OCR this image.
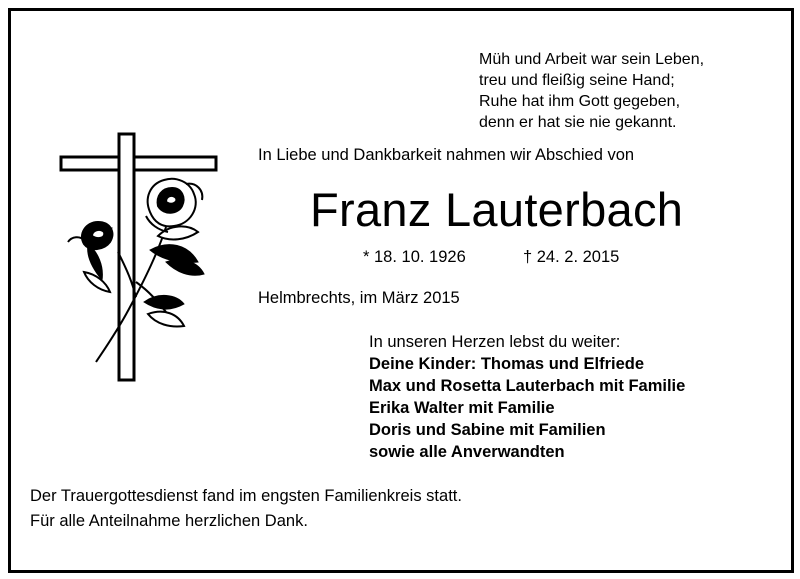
Müh und Arbeit war sein Leben,
treu und fleißig seine Hand;
Ruhe hat ihm Gott gegeben,
denn er hat sie nie gekannt.
In Liebe und Dankbarkeit nahmen wir Abschied von
Franz Lauterbach
* 18. 10. 1926	† 24. 2. 2015
Helmbrechts, im März 2015
In unseren Herzen lebst du weiter:
Deine Kinder: Thomas und Elfriede
Max und Rosetta Lauterbach mit Familie
Erika Walter mit Familie
Doris und Sabine mit Familien
sowie alle Anverwandten
Der Trauergottesdienst fand im engsten Familienkreis statt.
Für alle Anteilnahme herzlichen Dank.
